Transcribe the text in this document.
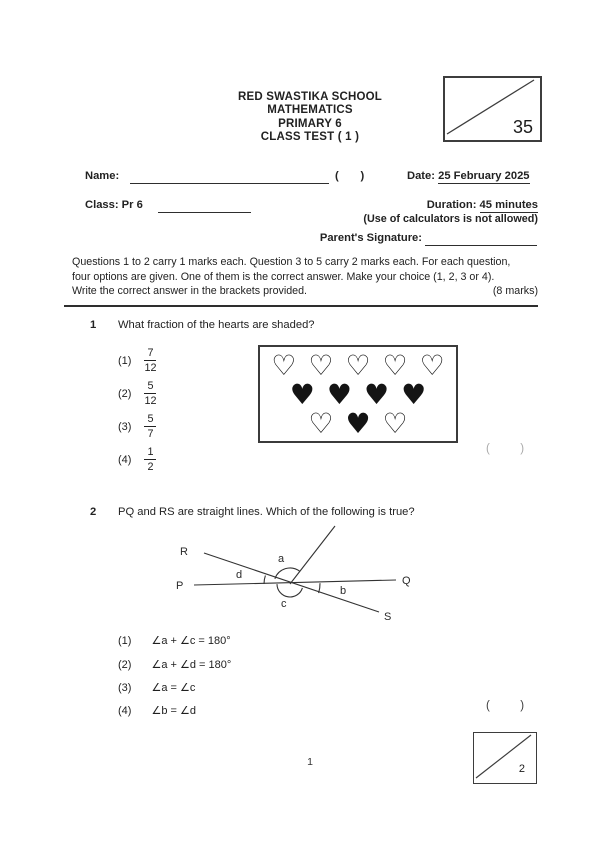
RED SWASTIKA SCHOOL
MATHEMATICS
PRIMARY 6
CLASS TEST ( 1 )
35
Name:	(       )	Date: 25 February 2025
Class: Pr 6	Duration: 45 minutes
(Use of calculators is not allowed)
Parent's Signature:
Questions 1 to 2 carry 1 marks each. Question 3 to 5 carry 2 marks each. For each question,
four options are given. One of them is the correct answer. Make your choice (1, 2, 3 or 4).
Write the correct answer in the brackets provided.	(8 marks)
1 What fraction of the hearts are shaded?
$(1) \frac{7}{12}$
$(2) \frac{5}{12}$
$(3) \frac{5}{7}$
$(4) \frac{1}{2}$
♡ ♡ ♡ ♡ ♡
♥ ♥ ♥ ♥
♡ ♥ ♡
(       )
2 PQ and RS are straight lines. Which of the following is true?
P	Q
R
S
a
d
b
c
(1) ∠a + ∠c = 180°
(2) ∠a + ∠d = 180°
(3) ∠a = ∠c
(4) ∠b = ∠d	(       )
1
2
